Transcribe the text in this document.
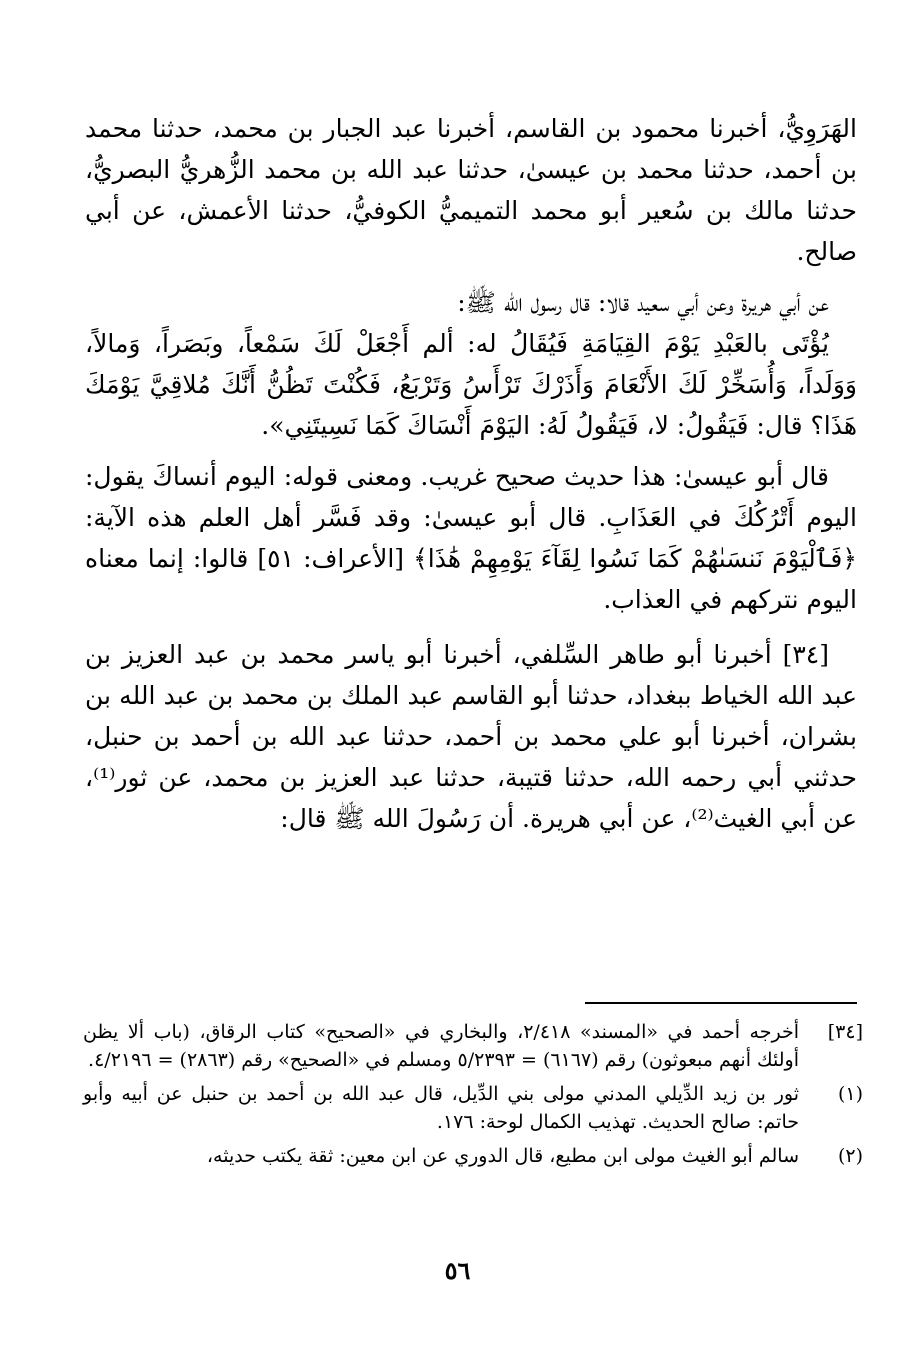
الهَرَوِيُّ، أخبرنا محمود بن القاسم، أخبرنا عبد الجبار بن محمد، حدثنا محمد بن أحمد، حدثنا محمد بن عيسىٰ، حدثنا عبد الله بن محمد الزُّهريُّ البصريُّ، حدثنا مالك بن سُعير أبو محمد التميميُّ الكوفيُّ، حدثنا الأعمش، عن أبي صالح.

عن أبي هريرة وعن أبي سعيد قالا: قال رسول الله ﷺ:

يُؤْتَى بالعَبْدِ يَوْمَ القِيَامَةِ فَيُقَالُ له: ألم أَجْعَلْ لَكَ سَمْعاً، وبَصَراً، وَمالاً، وَوَلَداً، وَأُسَخِّرْ لَكَ الأَنْعَامَ وَأَذَرْكَ تَرْأَسُ وَتَرْبَعُ، فَكُنْتَ تَظُنُّ أَنَّكَ مُلاقِيَّ يَوْمَكَ هَذَا؟ قال: فَيَقُولُ: لا، فَيَقُولُ لَهُ: اليَوْمَ أَنْسَاكَ كَمَا نَسِيتَنِي».

قال أبو عيسىٰ: هذا حديث صحيح غريب. ومعنى قوله: اليوم أنساكَ يقول: اليوم أَتْرُكُكَ في العَذَابِ. قال أبو عيسىٰ: وقد فَسَّر أهل العلم هذه الآية: ﴿فَٱلْيَوْمَ نَنسَىٰهُمْ كَمَا نَسُوا لِقَآءَ يَوْمِهِمْ هَٰذَا﴾ [الأعراف: ٥١] قالوا: إنما معناه اليوم نتركهم في العذاب.

[٣٤] أخبرنا أبو طاهر السِّلفي، أخبرنا أبو ياسر محمد بن عبد العزيز بن عبد الله الخياط ببغداد، حدثنا أبو القاسم عبد الملك بن محمد بن عبد الله بن بشران، أخبرنا أبو علي محمد بن أحمد، حدثنا عبد الله بن أحمد بن حنبل، حدثني أبي رحمه الله، حدثنا قتيبة، حدثنا عبد العزيز بن محمد، عن ثور⁽¹⁾، عن أبي الغيث⁽²⁾، عن أبي هريرة. أن رَسُولَ الله ﷺ قال:

[٣٤]
أخرجه أحمد في «المسند» ٢/٤١٨، والبخاري في «الصحيح» كتاب الرقاق، (باب ألا يظن أولئك أنهم مبعوثون) رقم (٦١٦٧) = ٥/٢٣٩٣ ومسلم في «الصحيح» رقم (٢٨٦٣) = ٤/٢١٩٦.
(١)
ثور بن زيد الدِّيلي المدني مولى بني الدِّيل، قال عبد الله بن أحمد بن حنبل عن أبيه وأبو حاتم: صالح الحديث. تهذيب الكمال لوحة: ١٧٦.
(٢)
سالم أبو الغيث مولى ابن مطيع، قال الدوري عن ابن معين: ثقة يكتب حديثه،
٥٦
